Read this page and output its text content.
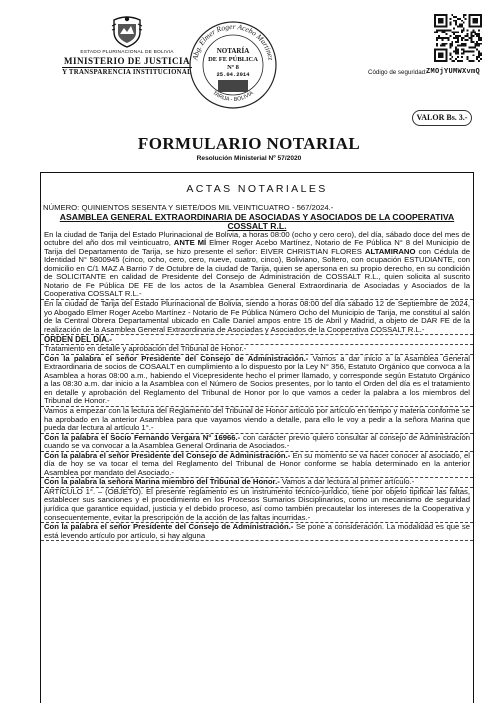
ESTADO PLURINACIONAL DE BOLIVIA
MINISTERIO DE JUSTICIA
Y TRANSPARENCIA INSTITUCIONAL
Abg. Elmer Roger Acebo Martinez
NOTARÍA
DE FE PÚBLICA
Nº 8
25.04.2014
TARIJA - BOLIVIA
Código de seguridad: ZMOjYUMWXvmQ
VALOR Bs. 3.-
FORMULARIO NOTARIAL
Resolución Ministerial Nº 57/2020
ACTAS NOTARIALES
NÚMERO: QUINIENTOS SESENTA Y SIETE/DOS MIL VEINTICUATRO - 567/2024.-
ASAMBLEA GENERAL EXTRAORDINARIA DE ASOCIADAS Y ASOCIADOS DE LA COOPERATIVA COSSALT R.L.
En la ciudad de Tarija del Estado Plurinacional de Bolivia, a horas 08:00 (ocho y cero cero), del día, sábado doce del mes de octubre del año dos mil veinticuatro, ANTE MÍ Elmer Roger Acebo Martínez, Notario de Fe Pública N° 8 del Municipio de Tarija del Departamento de Tarija, se hizo presente el señor: EIVER CHRISTIAN FLORES ALTAMIRANO con Cédula de Identidad N° 5800945 (cinco, ocho, cero, cero, nueve, cuatro, cinco), Boliviano, Soltero, con ocupación ESTUDIANTE, con domicilio en C/1 MAZ A Barrio 7 de Octubre de la ciudad de Tarija, quien se apersona en su propio derecho, en su condición de SOLICITANTE en calidad de Presidente del Consejo de Administración de COSSALT R.L., quien solicita al suscrito Notario de Fe Pública DE FE de los actos de la Asamblea General Extraordinaria de Asociadas y Asociados de la Cooperativa COSSALT R.L.-
En la ciudad de Tarija del Estado Plurinacional de Bolivia, siendo a horas 08:00 del día sábado 12 de Septiembre de 2024, yo Abogado Elmer Roger Acebo Martínez - Notario de Fe Pública Número Ocho del Municipio de Tarija, me constituí al salón de la Central Obrera Departamental ubicado en Calle Daniel ampos entre 15 de Abril y Madrid, a objeto de DAR FE de la realización de la Asamblea General Extraordinaria de Asociadas y Asociados de la Cooperativa COSSALT R.L.-
ORDEN DEL DÍA.-
Tratamiento en detalle y aprobación del Tribunal de Honor.-
Con la palabra el señor Presidente del Consejo de Administración.- Vamos a dar inicio a la Asamblea General Extraordinaria de socios de COSAALT en cumplimiento a lo dispuesto por la Ley N° 356, Estatuto Orgánico que convoca a la Asamblea a horas 08:00 a.m., habiendo el Vicepresidente hecho el primer llamado, y corresponde según Estatuto Orgánico a las 08:30 a.m. dar inicio a la Asamblea con el Número de Socios presentes, por lo tanto el Orden del día es el tratamiento en detalle y aprobación del Reglamento del Tribunal de Honor por lo que vamos a ceder la palabra a los miembros del Tribunal de Honor.-
Vamos a empezar con la lectura del Reglamento del Tribunal de Honor artículo por artículo en tiempo y materia conforme se ha aprobado en la anterior Asamblea para que vayamos viendo a detalle, para ello le voy a pedir a la señora Marina que pueda dar lectura al artículo 1°.-
Con la palabra el Socio Fernando Vergara N° 16966.- con carácter previo quiero consultar al consejo de Administración cuando se va convocar a la Asamblea General Ordinaria de Asociados.-
Con la palabra el señor Presidente del Consejo de Administración.- En su momento se va hacer conocer al asociado, el día de hoy se va tocar el tema del Reglamento del Tribunal de Honor conforme se había determinado en la anterior Asamblea por mandato del Asociado.-
Con la palabra la señora Marina miembro del Tribunal de Honor.- Vamos a dar lectura al primer artículo.-
ARTÍCULO 1°. – (OBJETO). El presente reglamento es un instrumento técnico-jurídico, tiene por objeto tipificar las faltas, establecer sus sanciones y el procedimiento en los Procesos Sumarios Disciplinarios, como un mecanismo de seguridad jurídica que garantice equidad, justicia y el debido proceso, así como también precautelar los intereses de la Cooperativa y consecuentemente, evitar la prescripción de la acción de las faltas incurridas.-
Con la palabra el señor Presidente del Consejo de Administración.- Se pone a consideración. La modalidad es que se está levendo artículo por artículo, si hay alguna
